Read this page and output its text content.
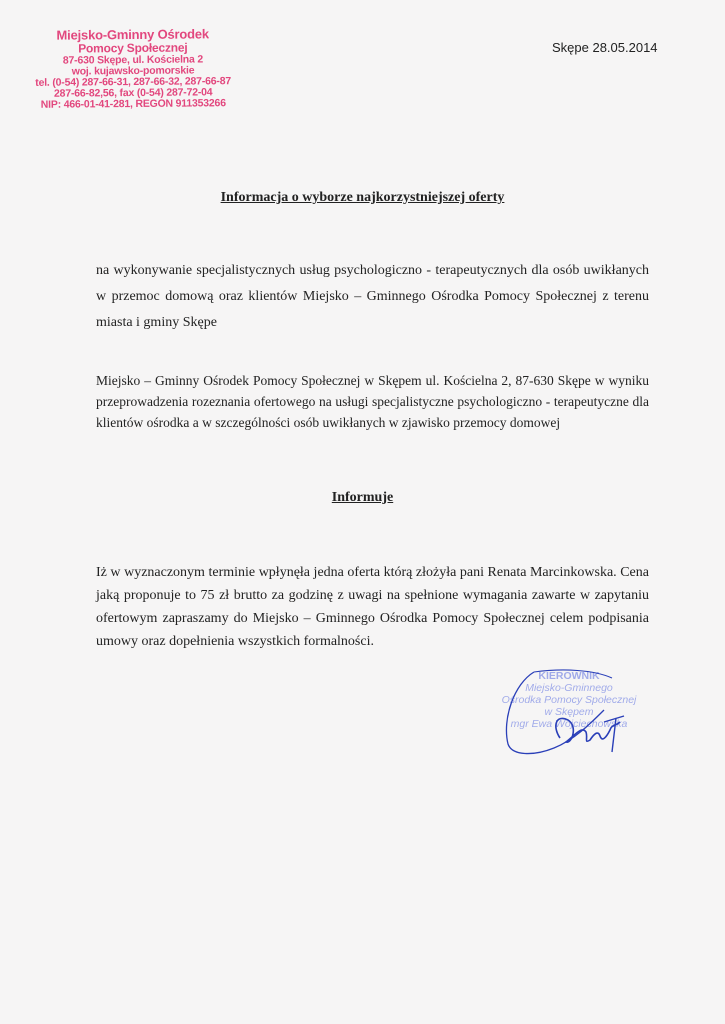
Miejsko-Gminny Ośrodek
Pomocy Społecznej
87-630 Skępe, ul. Kościelna 2
woj. kujawsko-pomorskie
tel. (0-54) 287-66-31, 287-66-32, 287-66-87
287-66-82,56, fax (0-54) 287-72-04
NIP: 466-01-41-281, REGON 911353266
Skępe 28.05.2014
Informacja o wyborze najkorzystniejszej oferty
na wykonywanie specjalistycznych usług psychologiczno - terapeutycznych dla osób uwikłanych w przemoc domową oraz klientów Miejsko – Gminnego Ośrodka Pomocy Społecznej z terenu miasta i gminy Skępe
Miejsko – Gminny Ośrodek Pomocy Społecznej w Skępem ul. Kościelna 2, 87-630 Skępe w wyniku przeprowadzenia rozeznania ofertowego na usługi specjalistyczne psychologiczno - terapeutyczne dla klientów ośrodka a w szczególności osób uwikłanych w zjawisko przemocy domowej
Informuje
Iż w wyznaczonym terminie wpłynęła jedna oferta którą złożyła pani Renata Marcinkowska. Cena jaką proponuje to 75 zł brutto za godzinę z uwagi na spełnione wymagania zawarte w zapytaniu ofertowym zapraszamy do Miejsko – Gminnego Ośrodka Pomocy Społecznej celem podpisania umowy oraz dopełnienia wszystkich formalności.
KIEROWNIK
Miejsko-Gminnego
Ośrodka Pomocy Społecznej
w Skępem
mgr Ewa Wojciechowska
